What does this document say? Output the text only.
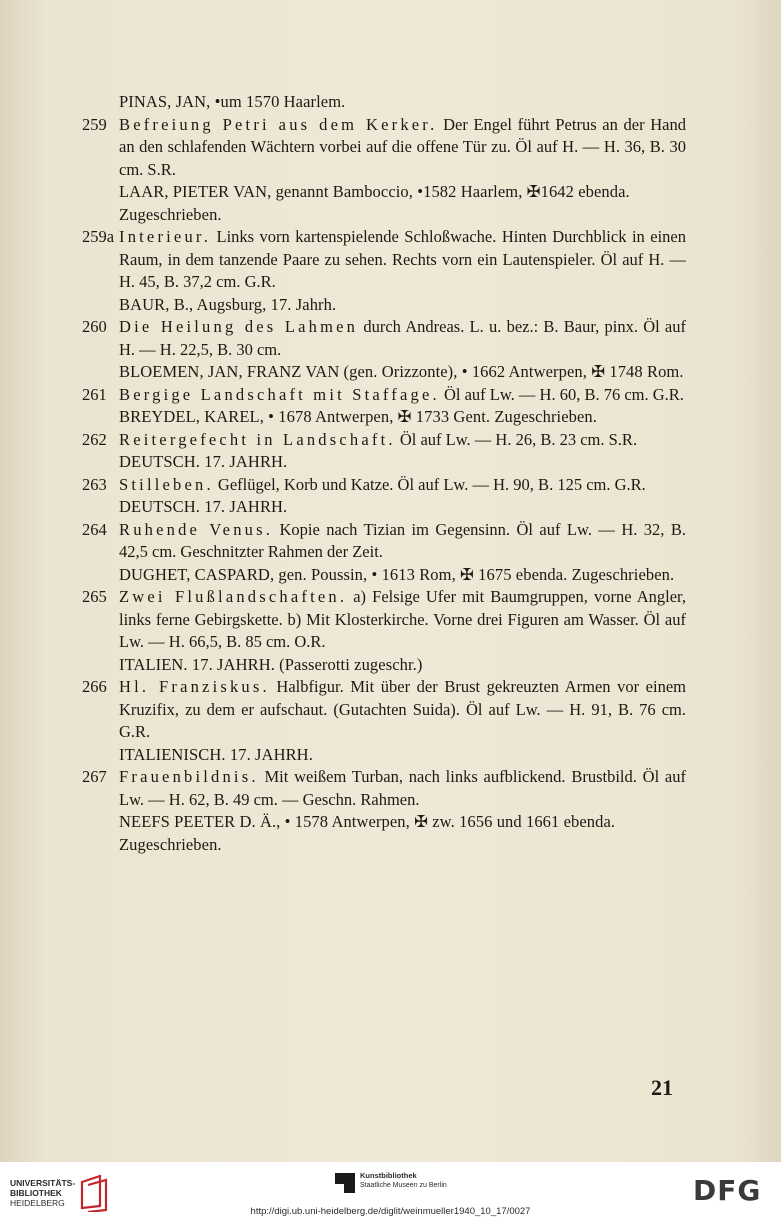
PINAS, JAN, •um 1570 Haarlem.
259 Befreiung Petri aus dem Kerker. Der Engel führt Petrus an der Hand an den schlafenden Wächtern vorbei auf die offene Tür zu. Öl auf H. — H. 36, B. 30 cm. S.R.
LAAR, PIETER VAN, genannt Bamboccio, •1582 Haarlem, ✠1642 ebenda. Zugeschrieben.
259a Interieur. Links vorn kartenspielende Schloßwache. Hinten Durchblick in einen Raum, in dem tanzende Paare zu sehen. Rechts vorn ein Lautenspieler. Öl auf H. — H. 45, B. 37,2 cm. G.R.
BAUR, B., Augsburg, 17. Jahrh.
260 Die Heilung des Lahmen durch Andreas. L. u. bez.: B. Baur, pinx. Öl auf H. — H. 22,5, B. 30 cm.
BLOEMEN, JAN, FRANZ VAN (gen. Orizzonte), • 1662 Antwerpen, ✠ 1748 Rom.
261 Bergige Landschaft mit Staffage. Öl auf Lw. — H. 60, B. 76 cm. G.R.
BREYDEL, KAREL, • 1678 Antwerpen, ✠ 1733 Gent. Zugeschrieben.
262 Reitergefecht in Landschaft. Öl auf Lw. — H. 26, B. 23 cm. S.R.
DEUTSCH. 17. JAHRH.
263 Stilleben. Geflügel, Korb und Katze. Öl auf Lw. — H. 90, B. 125 cm. G.R.
DEUTSCH. 17. JAHRH.
264 Ruhende Venus. Kopie nach Tizian im Gegensinn. Öl auf Lw. — H. 32, B. 42,5 cm. Geschnitzter Rahmen der Zeit.
DUGHET, CASPARD, gen. Poussin, • 1613 Rom, ✠ 1675 ebenda. Zugeschrieben.
265 Zwei Flußlandschaften. a) Felsige Ufer mit Baumgruppen, vorne Angler, links ferne Gebirgskette. b) Mit Klosterkirche. Vorne drei Figuren am Wasser. Öl auf Lw. — H. 66,5, B. 85 cm. O.R.
ITALIEN. 17. JAHRH. (Passerotti zugeschr.)
266 Hl. Franziskus. Halbfigur. Mit über der Brust gekreuzten Armen vor einem Kruzifix, zu dem er aufschaut. (Gutachten Suida). Öl auf Lw. — H. 91, B. 76 cm. G.R.
ITALIENISCH. 17. JAHRH.
267 Frauenbildnis. Mit weißem Turban, nach links aufblickend. Brustbild. Öl auf Lw. — H. 62, B. 49 cm. — Geschn. Rahmen.
NEEFS PEETER D. Ä., • 1578 Antwerpen, ✠ zw. 1656 und 1661 ebenda. Zugeschrieben.
21
UNIVERSITÄTS-
BIBLIOTHEK
HEIDELBERG
Kunstbibliothek
Staatliche Museen zu Berlin
http://digi.ub.uni-heidelberg.de/diglit/weinmueller1940_10_17/0027
DFG
